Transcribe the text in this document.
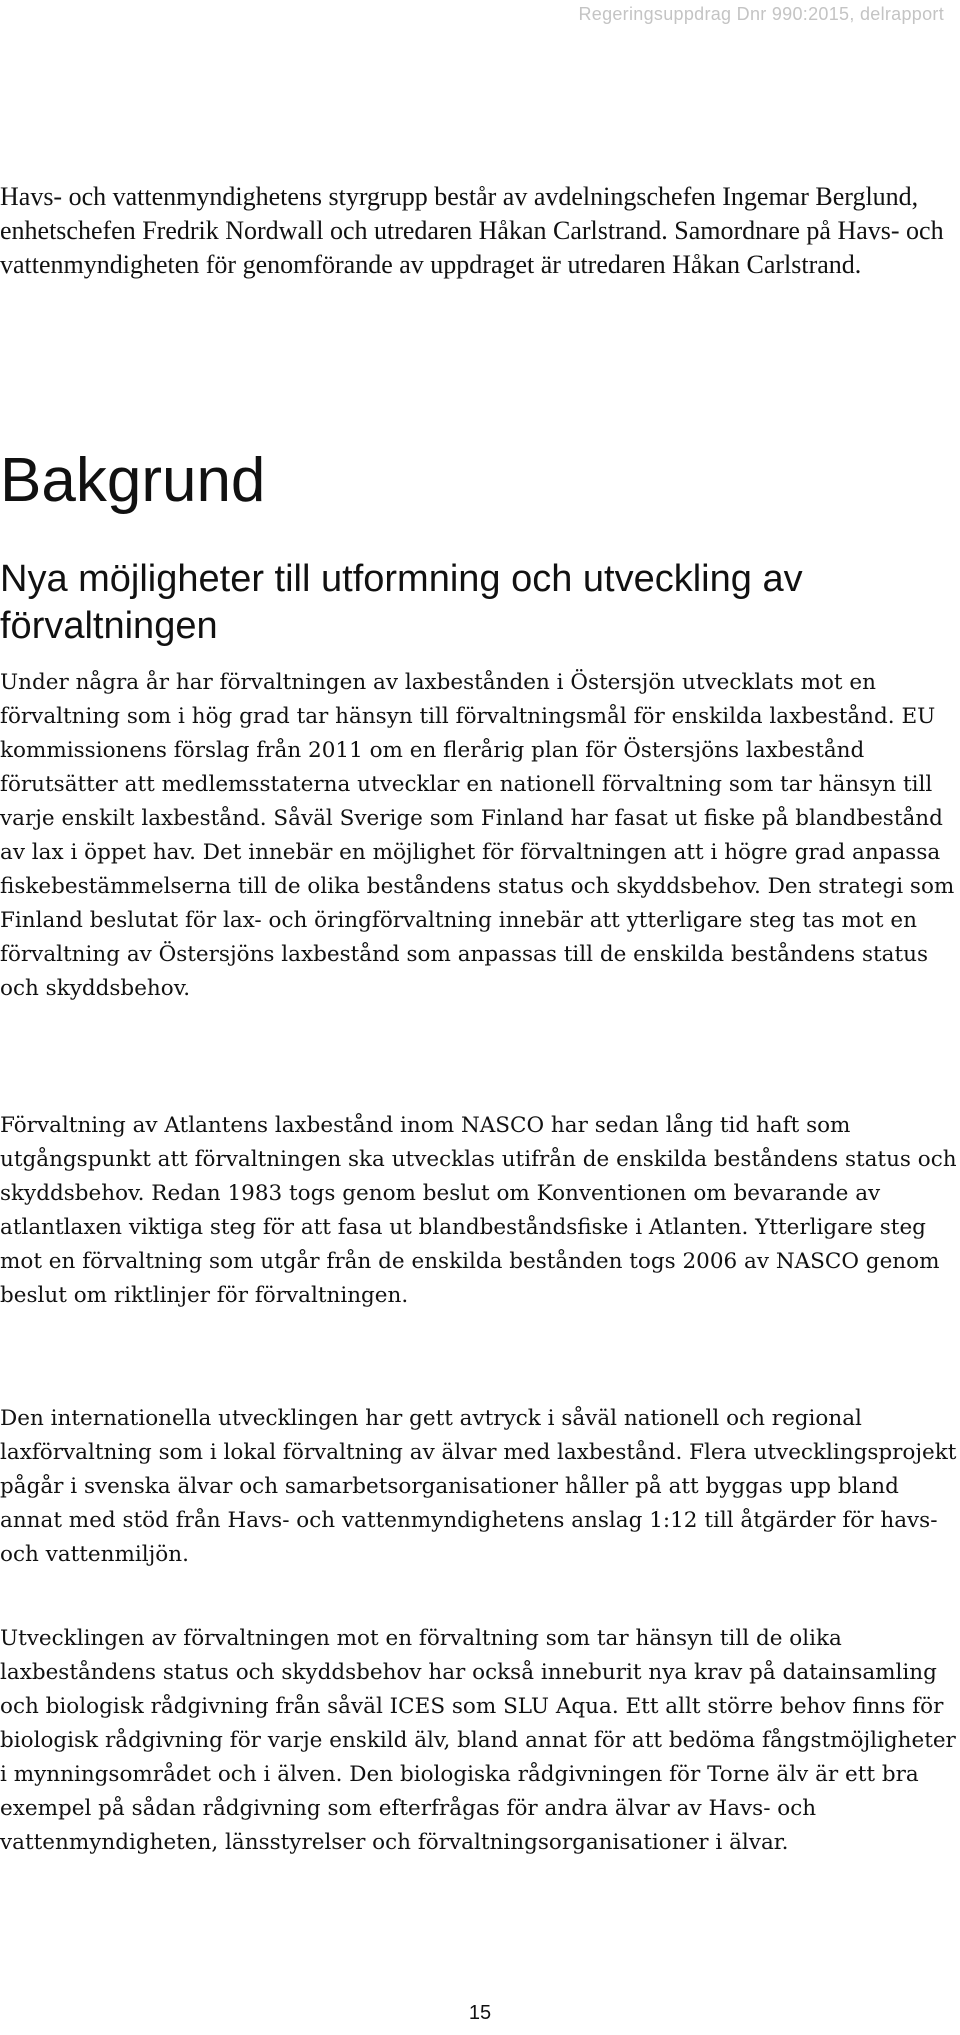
Regeringsuppdrag Dnr 990:2015, delrapport

Havs- och vattenmyndighetens styrgrupp består av avdelningschefen Ingemar Berglund, enhetschefen Fredrik Nordwall och utredaren Håkan Carlstrand. Samordnare på Havs- och vattenmyndigheten för genomförande av uppdraget är utredaren Håkan Carlstrand.

Bakgrund
Nya möjligheter till utformning och utveckling av förvaltningen

Under några år har förvaltningen av laxbestånden i Östersjön utvecklats mot en förvaltning som i hög grad tar hänsyn till förvaltningsmål för enskilda laxbestånd. EU kommissionens förslag från 2011 om en flerårig plan för Östersjöns laxbestånd förutsätter att medlemsstaterna utvecklar en nationell förvaltning som tar hänsyn till varje enskilt laxbestånd. Såväl Sverige som Finland har fasat ut fiske på blandbestånd av lax i öppet hav. Det innebär en möjlighet för förvaltningen att i högre grad anpassa fiskebestämmelserna till de olika beståndens status och skyddsbehov. Den strategi som Finland beslutat för lax- och öringförvaltning innebär att ytterligare steg tas mot en förvaltning av Östersjöns laxbestånd som anpassas till de enskilda beståndens status och skyddsbehov.

Förvaltning av Atlantens laxbestånd inom NASCO har sedan lång tid haft som utgångspunkt att förvaltningen ska utvecklas utifrån de enskilda beståndens status och skyddsbehov. Redan 1983 togs genom beslut om Konventionen om bevarande av atlantlaxen viktiga steg för att fasa ut blandbeståndsfiske i Atlanten. Ytterligare steg mot en förvaltning som utgår från de enskilda bestånden togs 2006 av NASCO genom beslut om riktlinjer för förvaltningen.

Den internationella utvecklingen har gett avtryck i såväl nationell och regional laxförvaltning som i lokal förvaltning av älvar med laxbestånd. Flera utvecklingsprojekt pågår i svenska älvar och samarbetsorganisationer håller på att byggas upp bland annat med stöd från Havs- och vattenmyndighetens anslag 1:12 till åtgärder för havs- och vattenmiljön.

Utvecklingen av förvaltningen mot en förvaltning som tar hänsyn till de olika laxbeståndens status och skyddsbehov har också inneburit nya krav på datainsamling och biologisk rådgivning från såväl ICES som SLU Aqua. Ett allt större behov finns för biologisk rådgivning för varje enskild älv, bland annat för att bedöma fångstmöjligheter i mynningsområdet och i älven. Den biologiska rådgivningen för Torne älv är ett bra exempel på sådan rådgivning som efterfrågas för andra älvar av Havs- och vattenmyndigheten, länsstyrelser och förvaltningsorganisationer i älvar.

15
